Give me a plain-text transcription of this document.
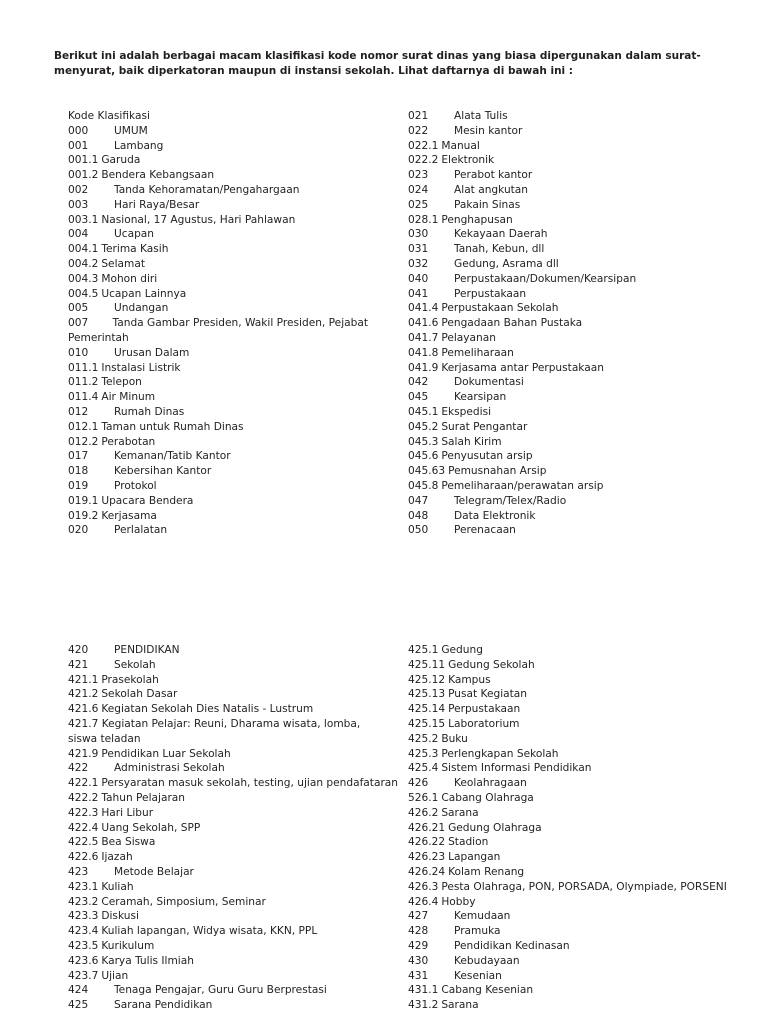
Berikut ini adalah berbagai macam klasifikasi kode nomor surat dinas yang biasa dipergunakan dalam surat-menyurat, baik diperkatoran maupun di instansi sekolah. Lihat daftarnya di bawah ini :

Kode Klasifikasi
000	UMUM
001	Lambang
001.1 Garuda
001.2 Bendera Kebangsaan
002	Tanda Kehoramatan/Pengahargaan
003	Hari Raya/Besar
003.1 Nasional, 17 Agustus, Hari Pahlawan
004	Ucapan
004.1 Terima Kasih
004.2 Selamat
004.3 Mohon diri
004.5 Ucapan Lainnya
005	Undangan
007	Tanda Gambar Presiden, Wakil Presiden, Pejabat
Pemerintah
010	Urusan Dalam
011.1 Instalasi Listrik
011.2 Telepon
011.4 Air Minum
012	Rumah Dinas
012.1 Taman untuk Rumah Dinas
012.2 Perabotan
017	Kemanan/Tatib Kantor
018	Kebersihan Kantor
019	Protokol
019.1 Upacara Bendera
019.2 Kerjasama
020	Perlalatan
021	Alata Tulis
022	Mesin kantor
022.1 Manual
022.2 Elektronik
023	Perabot kantor
024	Alat angkutan
025	Pakain Sinas
028.1 Penghapusan
030	Kekayaan Daerah
031	Tanah, Kebun, dll
032	Gedung, Asrama dll
040	Perpustakaan/Dokumen/Kearsipan
041	Perpustakaan
041.4 Perpustakaan Sekolah
041.6 Pengadaan Bahan Pustaka
041.7 Pelayanan
041.8 Pemeliharaan
041.9 Kerjasama antar Perpustakaan
042	Dokumentasi
045	Kearsipan
045.1 Ekspedisi
045.2 Surat Pengantar
045.3 Salah Kirim
045.6 Penyusutan arsip
045.63 Pemusnahan Arsip
045.8 Pemeliharaan/perawatan arsip
047	Telegram/Telex/Radio
048	Data Elektronik
050	Perenacaan
420	PENDIDIKAN
421	Sekolah
421.1 Prasekolah
421.2 Sekolah Dasar
421.6 Kegiatan Sekolah Dies Natalis - Lustrum
421.7 Kegiatan Pelajar: Reuni, Dharama wisata, lomba, siswa teladan
421.9 Pendidikan Luar Sekolah
422	Administrasi Sekolah
422.1 Persyaratan masuk sekolah, testing, ujian pendafataran
422.2 Tahun Pelajaran
422.3 Hari Libur
422.4 Uang Sekolah, SPP
422.5 Bea Siswa
422.6 Ijazah
423	Metode Belajar
423.1 Kuliah
423.2 Ceramah, Simposium, Seminar
423.3 Diskusi
423.4 Kuliah lapangan, Widya wisata, KKN, PPL
423.5 Kurikulum
423.6 Karya Tulis Ilmiah
423.7 Ujian
424	Tenaga Pengajar, Guru Guru Berprestasi
425	Sarana Pendidikan
425.1 Gedung
425.11 Gedung Sekolah
425.12 Kampus
425.13 Pusat Kegiatan
425.14 Perpustakaan
425.15 Laboratorium
425.2 Buku
425.3 Perlengkapan Sekolah
425.4 Sistem Informasi Pendidikan
426	Keolahragaan
526.1 Cabang Olahraga
426.2 Sarana
426.21 Gedung Olahraga
426.22 Stadion
426.23 Lapangan
426.24 Kolam Renang
426.3 Pesta Olahraga, PON, PORSADA, Olympiade, PORSENI
426.4 Hobby
427	Kemudaan
428	Pramuka
429	Pendidikan Kedinasan
430	Kebudayaan
431	Kesenian
431.1 Cabang Kesenian
431.2 Sarana
